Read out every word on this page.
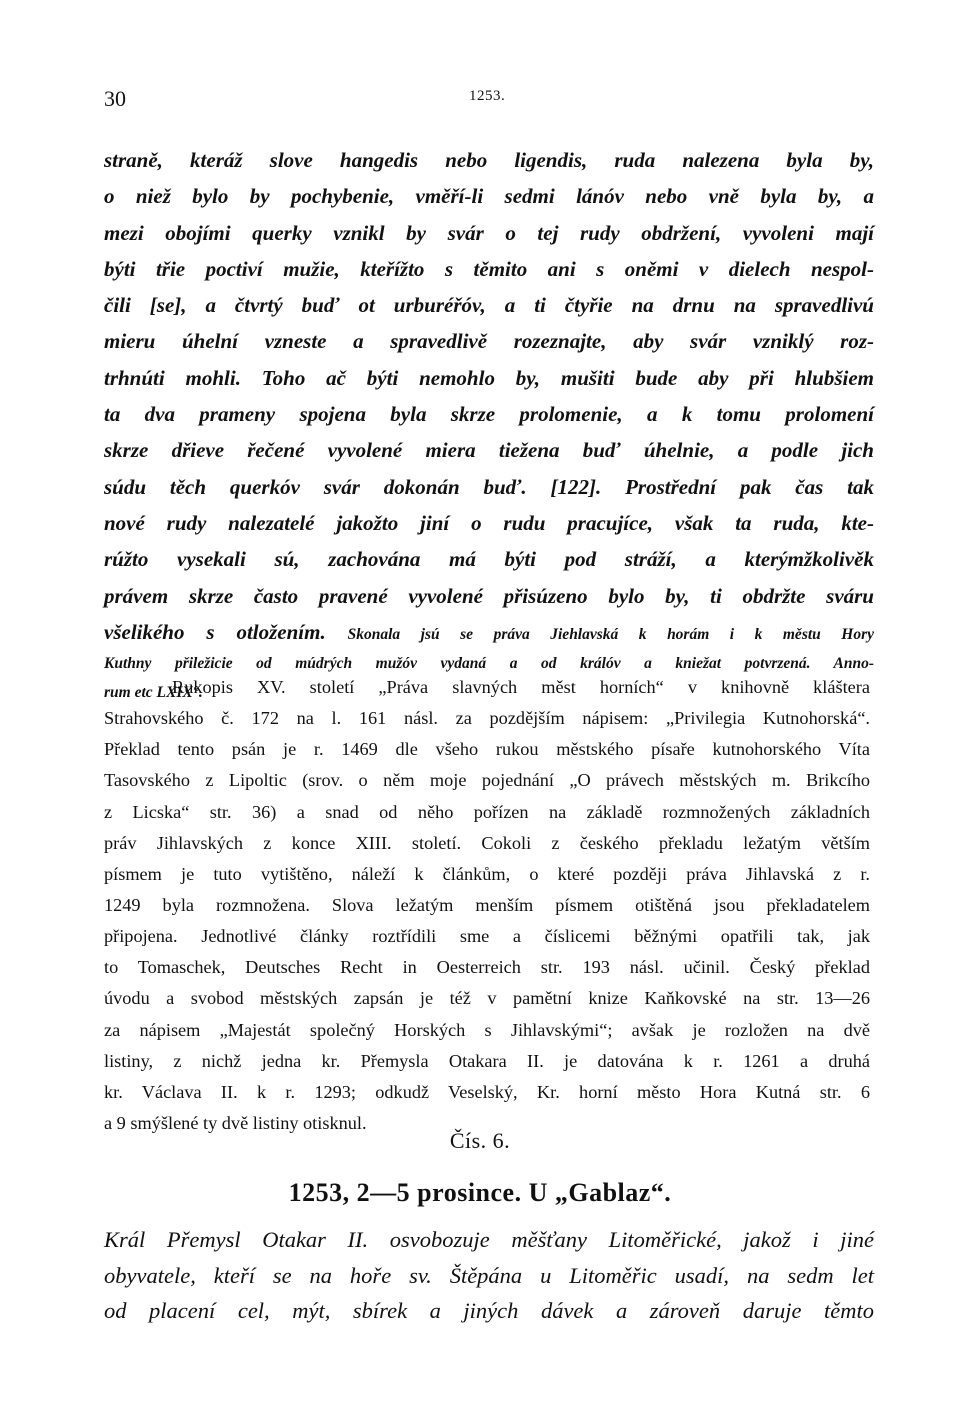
30	1253.
straně, kteráž slove hangedis nebo ligendis, ruda nalezena byla by,
o niež bylo by pochybenie, vměří-li sedmi lánóv nebo vně byla by, a
mezi obojími querky vznikl by svár o tej rudy obdržení, vyvoleni mají
býti třie poctiví mužie, kteřížto s těmito ani s oněmi v dielech nespol-
čili [se], a čtvrtý buď ot urburéřóv, a ti čtyřie na drnu na spravedlivú
mieru úhelní vzneste a spravedlivě rozeznajte, aby svár vzniklý roz-
trhnúti mohli. Toho ač býti nemohlo by, mušiti bude aby při hlubšiem
ta dva prameny spojena byla skrze prolomenie, a k tomu prolomení
skrze dřieve řečené vyvolené miera tiežena buď úhelnie, a podle jich
súdu těch querkóv svár dokonán buď. [122]. Prostřední pak čas tak
nové rudy nalezatelé jakožto jiní o rudu pracujíce, však ta ruda, kte-
rúžto vysekali sú, zachována má býti pod stráží, a kterýmžkolivěk
právem skrze často pravené vyvolené přisúzeno bylo by, ti obdržte sváru
všelikého s otložením. Skonala jsú se práva Jiehlavská k horám i k městu Hory
Kuthny přiležicie od múdrých mužóv vydaná a od králóv a kniežat potvrzená. Anno-
rum etc LXIX°.
Rukopis XV. století „Práva slavných měst horních“ v knihovně kláštera
Strahovského č. 172 na l. 161 násl. za pozdějším nápisem: „Privilegia Kutnohorská“.
Překlad tento psán je r. 1469 dle všeho rukou městského písaře kutnohorského Víta
Tasovského z Lipoltic (srov. o něm moje pojednání „O právech městských m. Brikcího
z Licska“ str. 36) a snad od něho pořízen na základě rozmnožených základních
práv Jihlavských z konce XIII. století. Cokoli z českého překladu ležatým větším
písmem je tuto vytištěno, náleží k článkům, o které později práva Jihlavská z r.
1249 byla rozmnožena. Slova ležatým menším písmem otištěná jsou překladatelem
připojena. Jednotlivé články roztřídili sme a číslicemi běžnými opatřili tak, jak
to Tomaschek, Deutsches Recht in Oesterreich str. 193 násl. učinil. Český překlad
úvodu a svobod městských zapsán je též v pamětní knize Kaňkovské na str. 13—26
za nápisem „Majestát společný Horských s Jihlavskými“; avšak je rozložen na dvě
listiny, z nichž jedna kr. Přemysla Otakara II. je datována k r. 1261 a druhá
kr. Václava II. k r. 1293; odkudž Veselský, Kr. horní město Hora Kutná str. 6
a 9 smýšlené ty dvě listiny otisknul.
Čís. 6.
1253, 2—5 prosince. U „Gablaz“.
Král Přemysl Otakar II. osvobozuje měšťany Litoměřické, jakož i jiné
obyvatele, kteří se na hoře sv. Štěpána u Litoměřic usadí, na sedm let
od placení cel, mýt, sbírek a jiných dávek a zároveň daruje těmto
